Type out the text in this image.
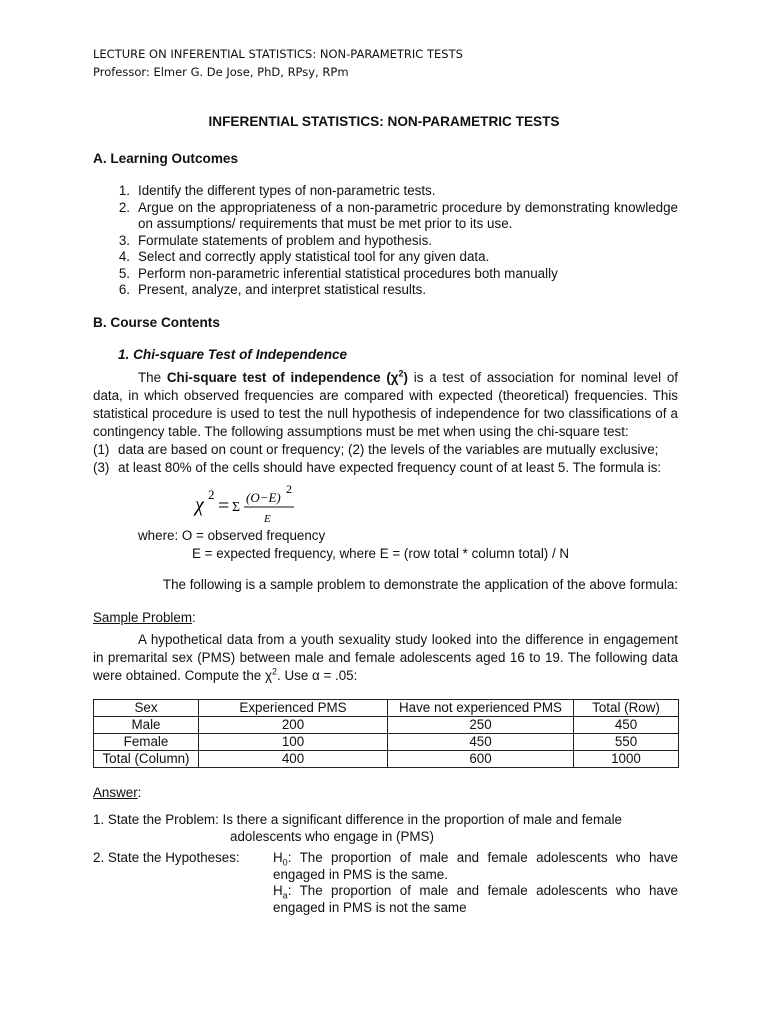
LECTURE ON INFERENTIAL STATISTICS: NON-PARAMETRIC TESTS
Professor: Elmer G. De Jose, PhD, RPsy, RPm
INFERENTIAL STATISTICS: NON-PARAMETRIC TESTS
A. Learning Outcomes
1. Identify the different types of non-parametric tests.
2. Argue on the appropriateness of a non-parametric procedure by demonstrating knowledge on assumptions/ requirements that must be met prior to its use.
3. Formulate statements of problem and hypothesis.
4. Select and correctly apply statistical tool for any given data.
5. Perform non-parametric inferential statistical procedures both manually
6. Present, analyze, and interpret statistical results.
B. Course Contents
1. Chi-square Test of Independence
The Chi-square test of independence $(\chi^2)$ is a test of association for nominal level of data, in which observed frequencies are compared with expected (theoretical) frequencies. This statistical procedure is used to test the null hypothesis of independence for two classifications of a contingency table. The following assumptions must be met when using the chi-square test:
(1) data are based on count or frequency; (2) the levels of the variables are mutually exclusive;
(3) at least 80% of the cells should have expected frequency count of at least 5. The formula is:
χ 2
= Σ
(O−E)
2
E
where: O = observed frequency
E = expected frequency, where E = (row total * column total) / N
The following is a sample problem to demonstrate the application of the above formula:
Sample Problem:
A hypothetical data from a youth sexuality study looked into the difference in engagement in premarital sex (PMS) between male and female adolescents aged 16 to 19. The following data were obtained. Compute the $\chi^2$. Use α = .05:
Sex	Experienced PMS	Have not experienced PMS	Total (Row)
Male	200	250	450
Female	100	450	550
Total (Column)	400	600	1000
Answer:
1. State the Problem: Is there a significant difference in the proportion of male and female
adolescents who engage in (PMS)
2. State the Hypotheses:	$H_0$: The proportion of male and female adolescents who have engaged in PMS is the same.
$H_a$: The proportion of male and female adolescents who have engaged in PMS is not the same
